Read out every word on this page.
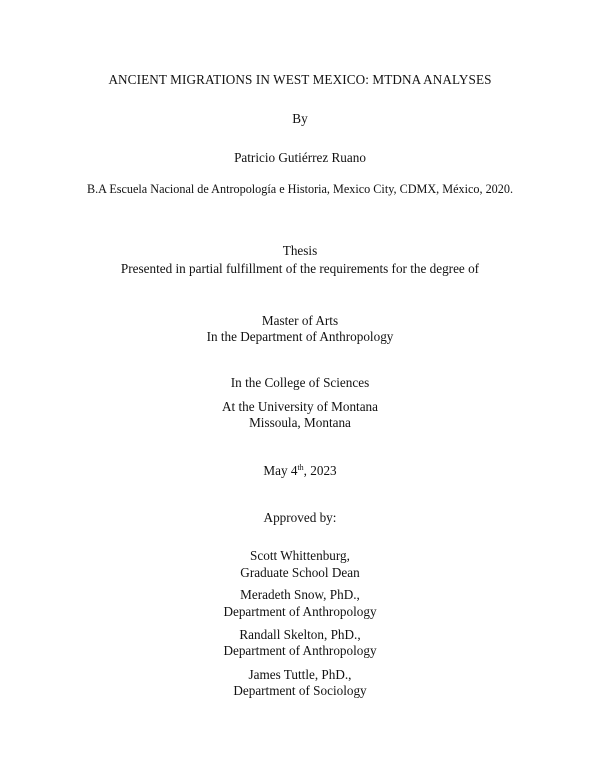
ANCIENT MIGRATIONS IN WEST MEXICO: MTDNA ANALYSES
By
Patricio Gutiérrez Ruano
B.A Escuela Nacional de Antropología e Historia, Mexico City, CDMX, México, 2020.
Thesis
Presented in partial fulfillment of the requirements for the degree of
Master of Arts
In the Department of Anthropology
In the College of Sciences
At the University of Montana
Missoula, Montana
May 4th, 2023
Approved by:
Scott Whittenburg,
Graduate School Dean
Meradeth Snow, PhD.,
Department of Anthropology
Randall Skelton, PhD.,
Department of Anthropology
James Tuttle, PhD.,
Department of Sociology
